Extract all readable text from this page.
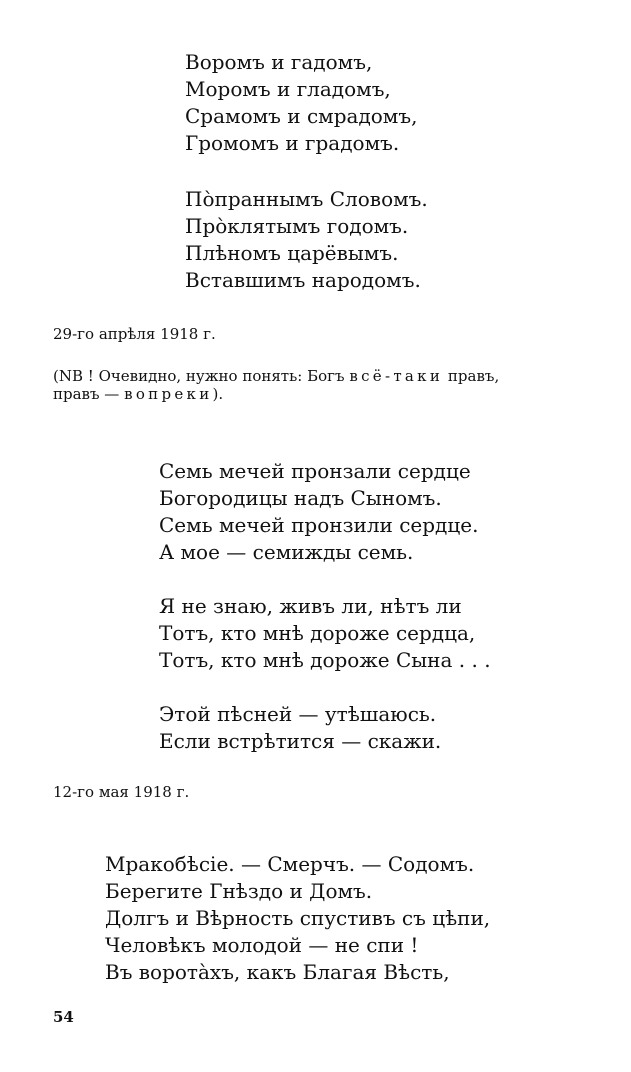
Воромъ и гадомъ,
Моромъ и гладомъ,
Срамомъ и смрадомъ,
Громомъ и градомъ.
По̀праннымъ Словомъ.
Про̀клятымъ годомъ.
Плѣномъ царёвымъ.
Вставшимъ народомъ.
29-го апрѣля 1918 г.
(NB ! Очевидно, нужно понять: Богъ всё-таки правъ,
правъ — вопреки).
Семь мечей пронзали сердце
Богородицы надъ Сыномъ.
Семь мечей пронзили сердце.
А мое — семижды семь.
Я не знаю, живъ ли, нѣтъ ли
Тотъ, кто мнѣ дороже сердца,
Тотъ, кто мнѣ дороже Сына . . .
Этой пѣсней — утѣшаюсь.
Если встрѣтится — скажи.
12-го мая 1918 г.
Мракобѣсіе. — Смерчъ. — Содомъ.
Берегите Гнѣздо и Домъ.
Долгъ и Вѣрность спустивъ съ цѣпи,
Человѣкъ молодой — не спи !
Въ воротàхъ, какъ Благая Вѣсть,
54
